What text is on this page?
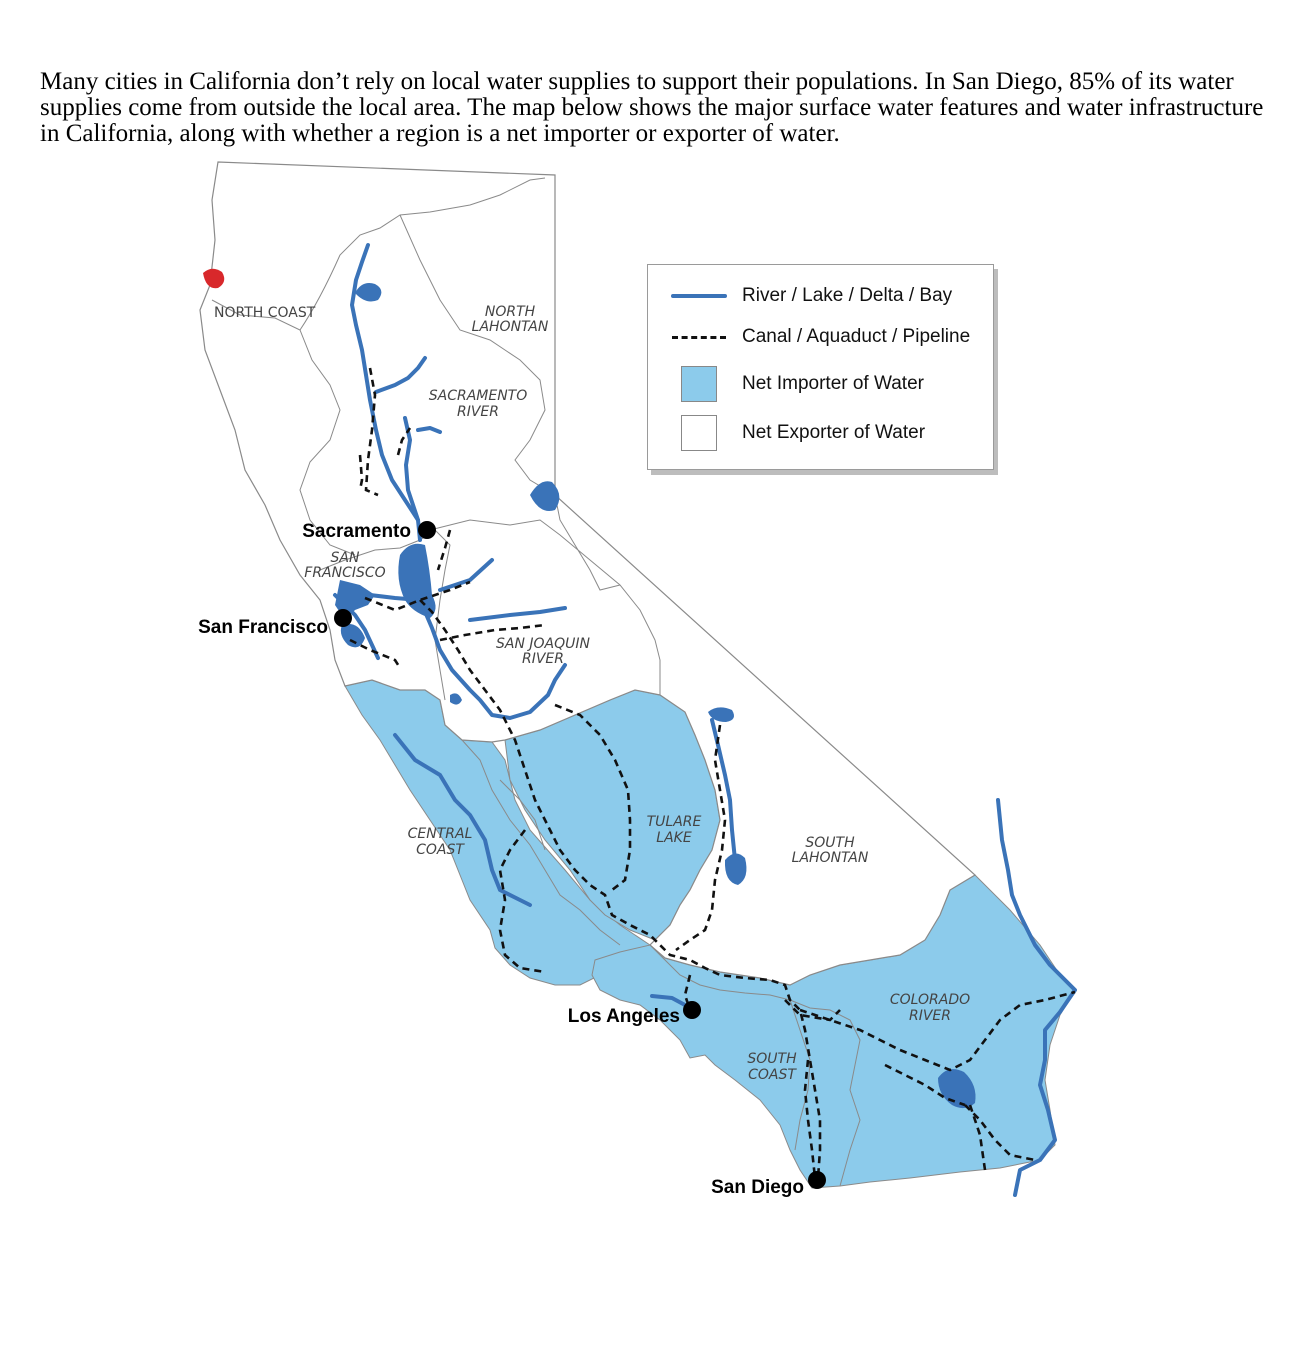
Many cities in California don’t rely on local water supplies to support their populations. In San Diego, 85% of its water supplies come from outside the local area. The map below shows the major surface water features and water infrastructure in California, along with whether a region is a net importer or exporter of water.

NORTH COAST	NORTH
LAHONTAN
SACRAMENTO
RIVER
SAN
FRANCISCO
SAN JOAQUIN
RIVER
CENTRAL
COAST
TULARE
LAKE	SOUTH
LAHONTAN
COLORADO
RIVER
SOUTH
COAST
Sacramento
San Francisco
Los Angeles
San Diego
River / Lake / Delta / Bay
Canal / Aquaduct / Pipeline
Net Importer of Water
Net Exporter of Water
